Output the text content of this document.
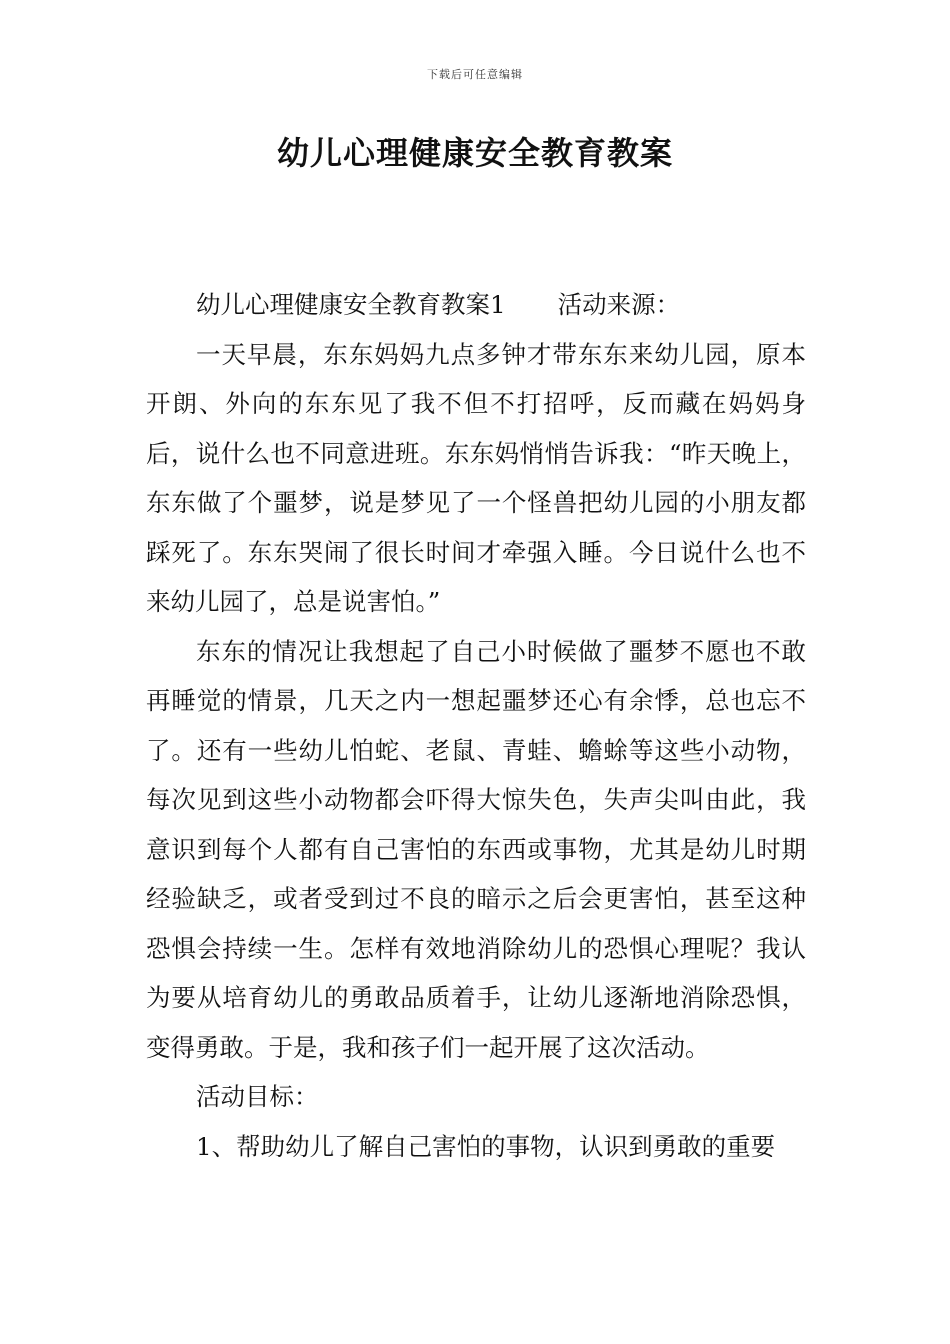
下载后可任意编辑
幼儿心理健康安全教育教案

幼儿心理健康安全教育教案1 活动来源：

一天早晨，东东妈妈九点多钟才带东东来幼儿园，原本开朗、外向的东东见了我不但不打招呼，反而藏在妈妈身后，说什么也不同意进班。东东妈悄悄告诉我：“昨天晚上，东东做了个噩梦，说是梦见了一个怪兽把幼儿园的小朋友都踩死了。东东哭闹了很长时间才牵强入睡。今日说什么也不来幼儿园了，总是说害怕。”

东东的情况让我想起了自己小时候做了噩梦不愿也不敢再睡觉的情景，几天之内一想起噩梦还心有余悸，总也忘不了。还有一些幼儿怕蛇、老鼠、青蛙、蟾蜍等这些小动物，每次见到这些小动物都会吓得大惊失色，失声尖叫由此，我意识到每个人都有自己害怕的东西或事物，尤其是幼儿时期经验缺乏，或者受到过不良的暗示之后会更害怕，甚至这种恐惧会持续一生。怎样有效地消除幼儿的恐惧心理呢？我认为要从培育幼儿的勇敢品质着手，让幼儿逐渐地消除恐惧，变得勇敢。于是，我和孩子们一起开展了这次活动。

活动目标：

1、帮助幼儿了解自己害怕的事物，认识到勇敢的重要
